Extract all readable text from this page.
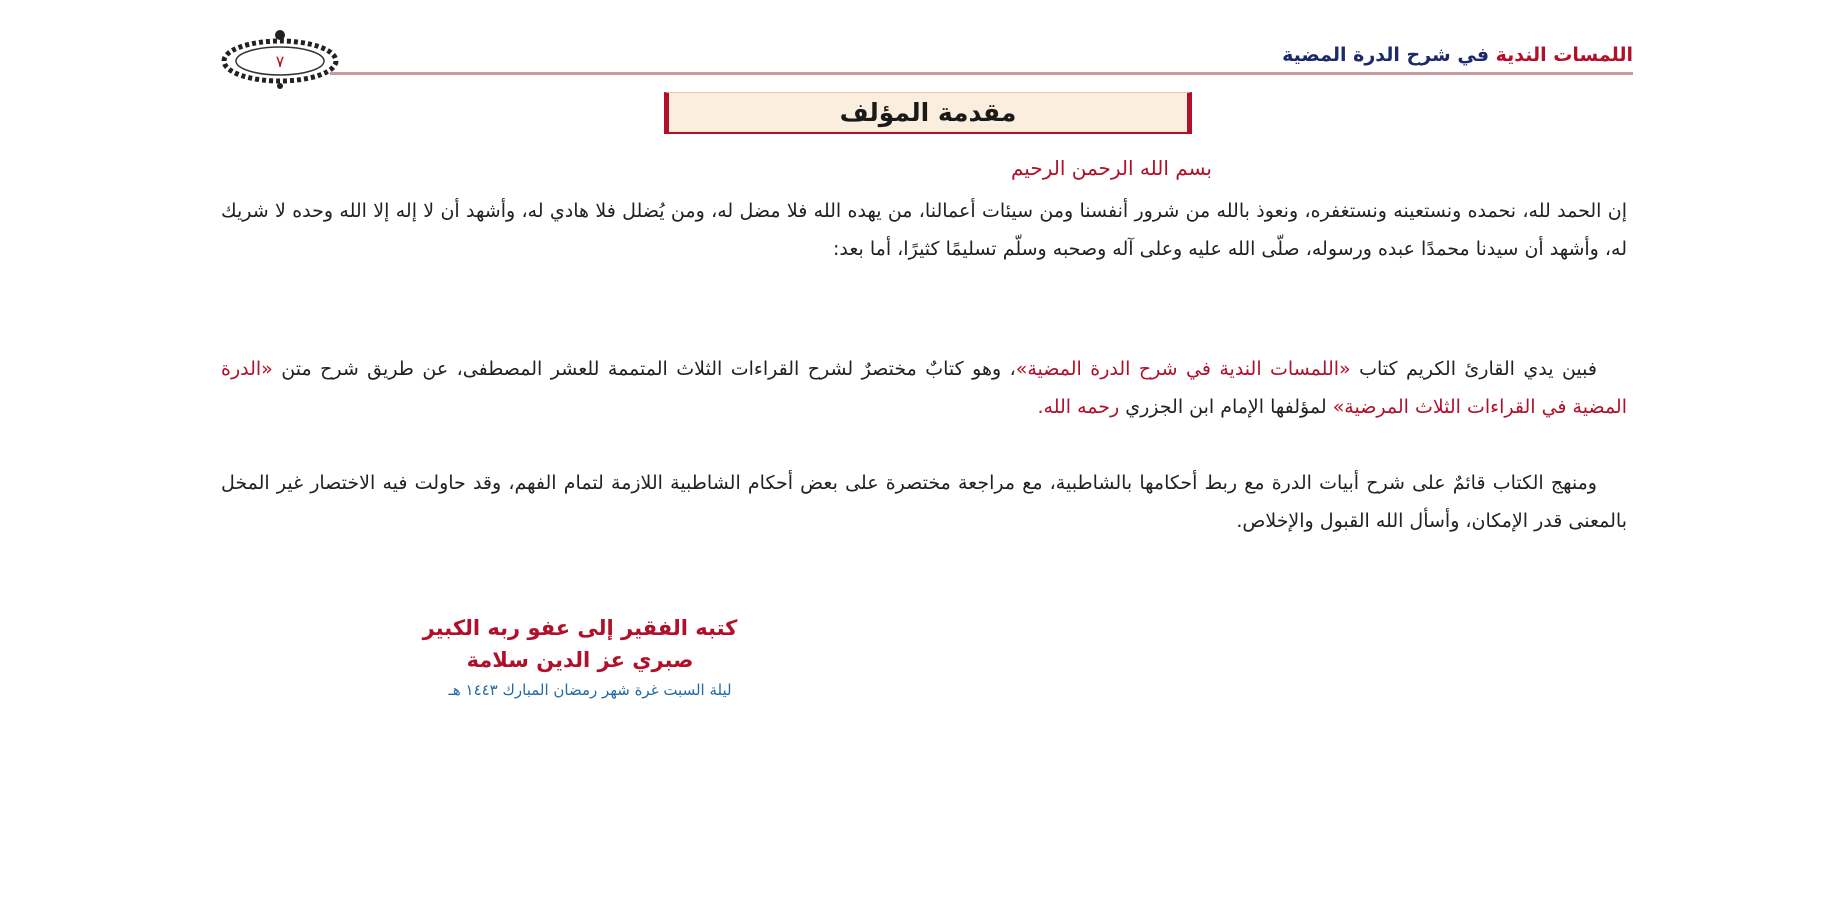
اللمسات الندية في شرح الدرة المضية
٧
مقدمة المؤلف
بسم الله الرحمن الرحيم
إن الحمد لله، نحمده ونستعينه ونستغفره، ونعوذ بالله من شرور أنفسنا ومن سيئات أعمالنا، من يهده الله فلا مضل له، ومن يُضلل فلا هادي له، وأشهد أن لا إله إلا الله وحده لا شريك له، وأشهد أن سيدنا محمدًا عبده ورسوله، صلّى الله عليه وعلى آله وصحبه وسلّم تسليمًا كثيرًا، أما بعد:
فبين يدي القارئ الكريم كتاب «اللمسات الندية في شرح الدرة المضية»، وهو كتابٌ مختصرٌ لشرح القراءات الثلاث المتممة للعشر المصطفى، عن طريق شرح متن «الدرة المضية في القراءات الثلاث المرضية» لمؤلفها الإمام ابن الجزري رحمه الله.
ومنهج الكتاب قائمٌ على شرح أبيات الدرة مع ربط أحكامها بالشاطبية، مع مراجعة مختصرة على بعض أحكام الشاطبية اللازمة لتمام الفهم، وقد حاولت فيه الاختصار غير المخل بالمعنى قدر الإمكان، وأسأل الله القبول والإخلاص.
كتبه الفقير إلى عفو ربه الكبير
صبري عز الدين سلامة
ليلة السبت غرة شهر رمضان المبارك ١٤٤٣ هـ
